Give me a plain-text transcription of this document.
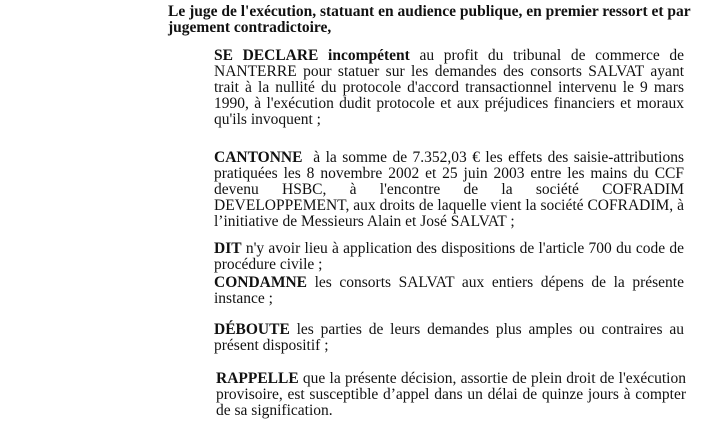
Le juge de l'exécution, statuant en audience publique, en premier ressort et par jugement contradictoire,
SE DECLARE incompétent au profit du tribunal de commerce de NANTERRE pour statuer sur les demandes des consorts SALVAT ayant trait à la nullité du protocole d'accord transactionnel intervenu le 9 mars 1990, à l'exécution dudit protocole et aux préjudices financiers et moraux qu'ils invoquent ;
CANTONNE  à la somme de 7.352,03 € les effets des saisie-attributions pratiquées les 8 novembre 2002 et 25 juin 2003 entre les mains du CCF devenu HSBC, à l'encontre de la société COFRADIM DEVELOPPEMENT, aux droits de laquelle vient la société COFRADIM, à l’initiative de Messieurs Alain et José SALVAT ;
DIT n'y avoir lieu à application des dispositions de l'article 700 du code de procédure civile ;
CONDAMNE les consorts SALVAT aux entiers dépens de la présente instance ;
DÉBOUTE les parties de leurs demandes plus amples ou contraires au présent dispositif ;
RAPPELLE que la présente décision, assortie de plein droit de l'exécution provisoire, est susceptible d’appel dans un délai de quinze jours à compter de sa signification.
